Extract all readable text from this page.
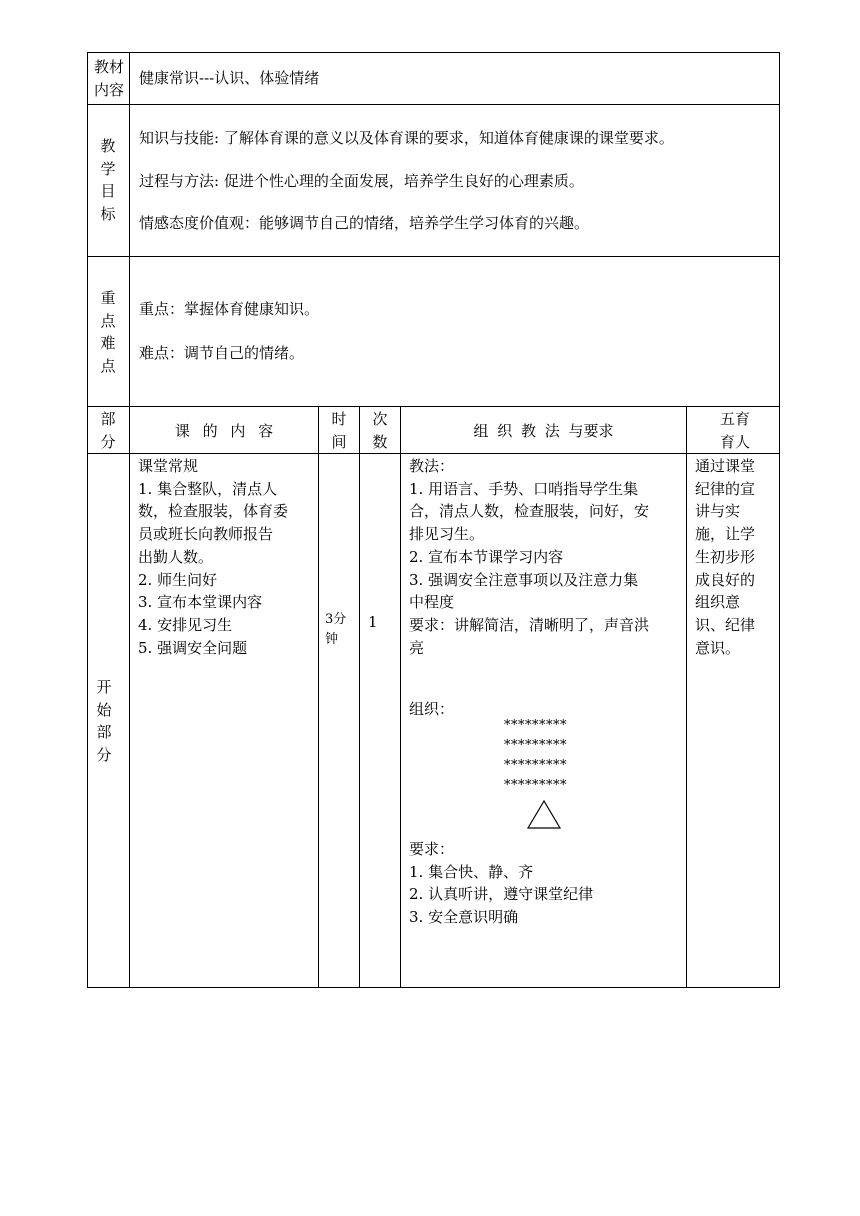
教材内容
健康常识---认识、体验情绪
教学目标
知识与技能: 了解体育课的意义以及体育课的要求，知道体育健康课的课堂要求。
过程与方法: 促进个性心理的全面发展，培养学生良好的心理素质。
情感态度价值观：能够调节自己的情绪，培养学生学习体育的兴趣。
重点难点
重点：掌握体育健康知识。
难点：调节自己的情绪。
部分
课 的 内 容
时间
次数
组 织 教 法 与要求
五育育人
开始部分
课堂常规
1. 集合整队，清点人
数，检查服装，体育委
员或班长向教师报告
出勤人数。
2. 师生问好
3. 宣布本堂课内容
4. 安排见习生
5. 强调安全问题
3分钟
1
教法：
1. 用语言、手势、口哨指导学生集
合，清点人数，检查服装，问好，安
排见习生。
2. 宣布本节课学习内容
3. 强调安全注意事项以及注意力集
中程度
要求：讲解简洁，清晰明了，声音洪
亮
组织：
*********
*********
*********
*********
要求：
1. 集合快、静、齐
2. 认真听讲，遵守课堂纪律
3. 安全意识明确
通过课堂
纪律的宣
讲与实
施，让学
生初步形
成良好的
组织意
识、纪律
意识。
